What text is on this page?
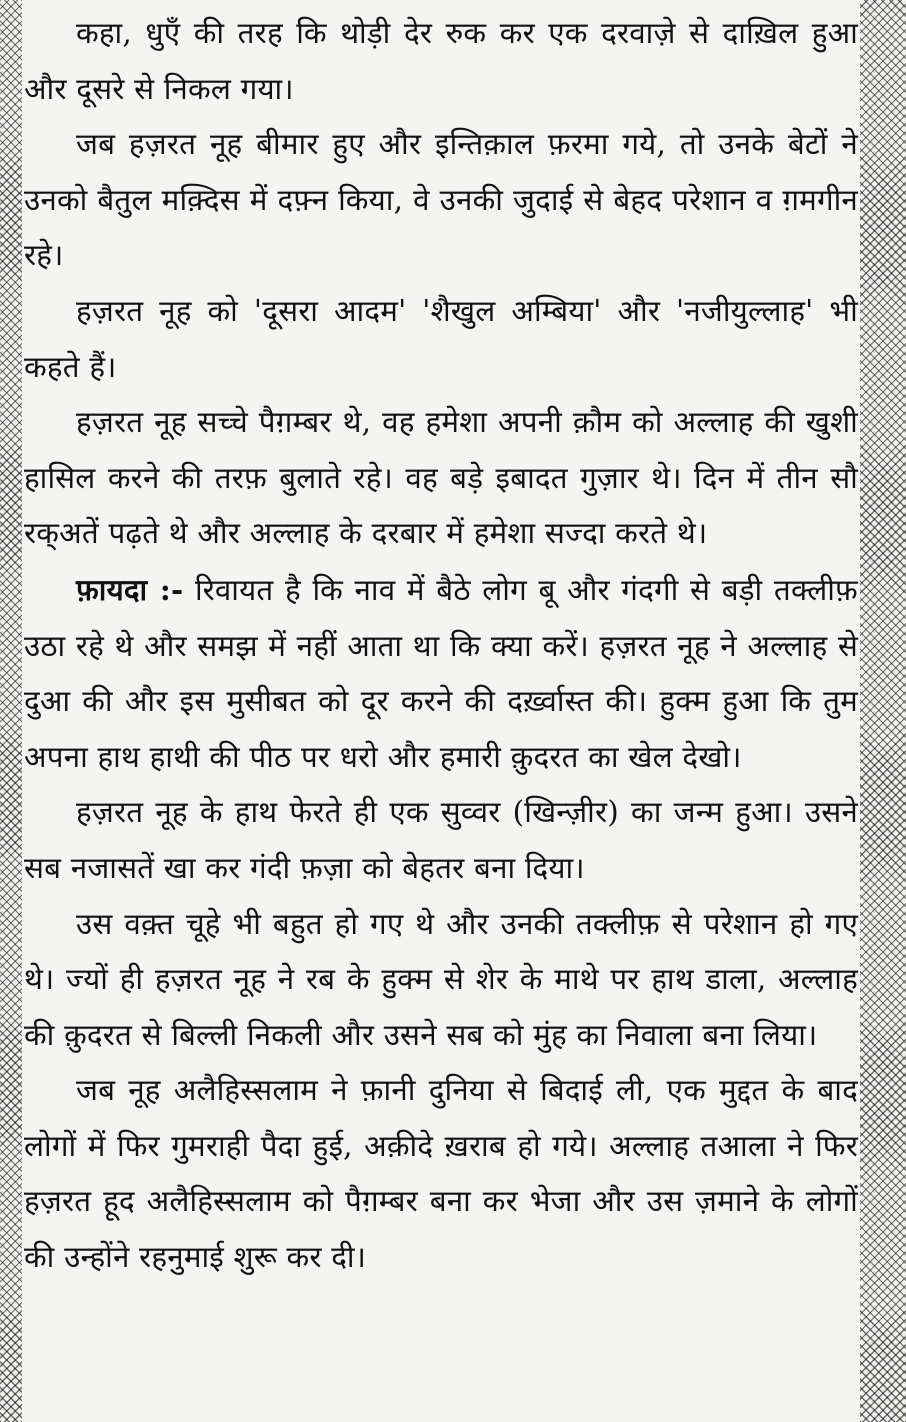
कहा, धुएँ की तरह कि थोड़ी देर रुक कर एक दरवाज़े से दाख़िल हुआ और दूसरे से निकल गया।

जब हज़रत नूह बीमार हुए और इन्तिक़ाल फ़रमा गये, तो उनके बेटों ने उनको बैतुल मक़्दिस में दफ़्न किया, वे उनकी जुदाई से बेहद परेशान व ग़मगीन रहे।

हज़रत नूह को 'दूसरा आदम' 'शैखुल अम्बिया' और 'नजीयुल्लाह' भी कहते हैं।

हज़रत नूह सच्चे पैग़म्बर थे, वह हमेशा अपनी क़ौम को अल्लाह की खुशी हासिल करने की तरफ़ बुलाते रहे। वह बड़े इबादत गुज़ार थे। दिन में तीन सौ रक्अतें पढ़ते थे और अल्लाह के दरबार में हमेशा सज्दा करते थे।

फ़ायदा :- रिवायत है कि नाव में बैठे लोग बू और गंदगी से बड़ी तक्लीफ़ उठा रहे थे और समझ में नहीं आता था कि क्या करें। हज़रत नूह ने अल्लाह से दुआ की और इस मुसीबत को दूर करने की दर्ख़्वास्त की। हुक्म हुआ कि तुम अपना हाथ हाथी की पीठ पर धरो और हमारी क़ुदरत का खेल देखो।

हज़रत नूह के हाथ फेरते ही एक सुव्वर (खिन्ज़ीर) का जन्म हुआ। उसने सब नजासतें खा कर गंदी फ़ज़ा को बेहतर बना दिया।

उस वक़्त चूहे भी बहुत हो गए थे और उनकी तक्लीफ़ से परेशान हो गए थे। ज्यों ही हज़रत नूह ने रब के हुक्म से शेर के माथे पर हाथ डाला, अल्लाह की क़ुदरत से बिल्ली निकली और उसने सब को मुंह का निवाला बना लिया।

जब नूह अलैहिस्सलाम ने फ़ानी दुनिया से बिदाई ली, एक मुद्दत के बाद लोगों में फिर गुमराही पैदा हुई, अक़ीदे ख़राब हो गये। अल्लाह तआला ने फिर हज़रत हूद अलैहिस्सलाम को पैग़म्बर बना कर भेजा और उस ज़माने के लोगों की उन्होंने रहनुमाई शुरू कर दी।
